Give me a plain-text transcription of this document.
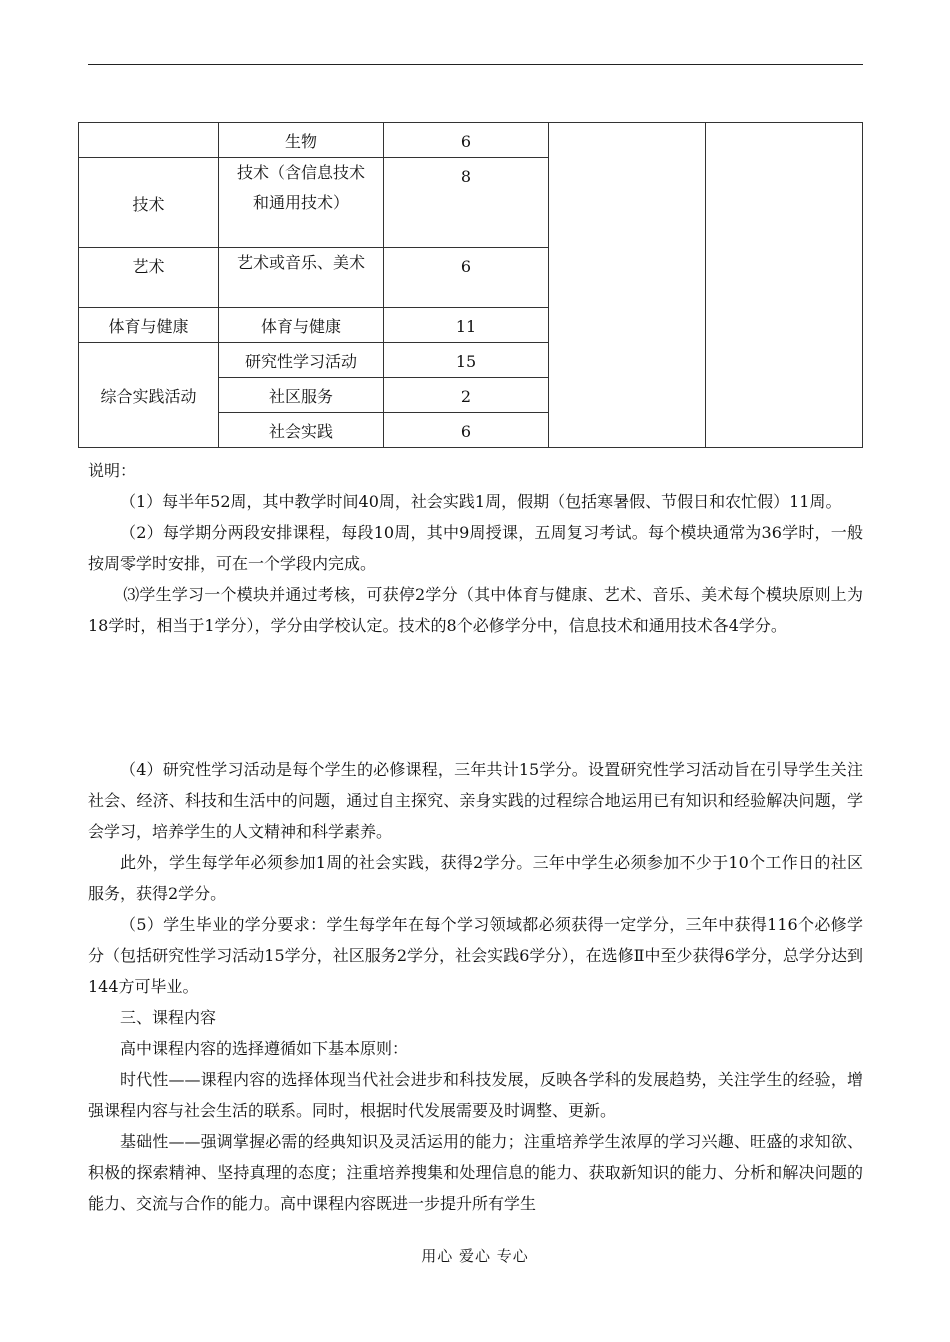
	生物	6		
技术	技术（含信息技术和通用技术）	8		
艺术	艺术或音乐、美术	6		
体育与健康	体育与健康	11		
综合实践活动	研究性学习活动	15		
	社区服务	2		
	社会实践	6		

说明：

（1）每半年52周，其中教学时间40周，社会实践1周，假期（包括寒暑假、节假日和农忙假）11周。

（2）每学期分两段安排课程，每段10周，其中9周授课，五周复习考试。每个模块通常为36学时，一般按周零学时安排，可在一个学段内完成。

⑶学生学习一个模块并通过考核，可获停2学分（其中体育与健康、艺术、音乐、美术每个模块原则上为18学时，相当于1学分），学分由学校认定。技术的8个必修学分中，信息技术和通用技术各4学分。

（4）研究性学习活动是每个学生的必修课程，三年共计15学分。设置研究性学习活动旨在引导学生关注社会、经济、科技和生活中的问题，通过自主探究、亲身实践的过程综合地运用已有知识和经验解决问题，学会学习，培养学生的人文精神和科学素养。

此外，学生每学年必须参加1周的社会实践，获得2学分。三年中学生必须参加不少于10个工作日的社区服务，获得2学分。

（5）学生毕业的学分要求：学生每学年在每个学习领域都必须获得一定学分，三年中获得116个必修学分（包括研究性学习活动15学分，社区服务2学分，社会实践6学分），在选修Ⅱ中至少获得6学分，总学分达到144方可毕业。

三、课程内容

高中课程内容的选择遵循如下基本原则：

时代性——课程内容的选择体现当代社会进步和科技发展，反映各学科的发展趋势，关注学生的经验，增强课程内容与社会生活的联系。同时，根据时代发展需要及时调整、更新。

基础性——强调掌握必需的经典知识及灵活运用的能力；注重培养学生浓厚的学习兴趣、旺盛的求知欲、积极的探索精神、坚持真理的态度；注重培养搜集和处理信息的能力、获取新知识的能力、分析和解决问题的能力、交流与合作的能力。高中课程内容既进一步提升所有学生

用心 爱心 专心
